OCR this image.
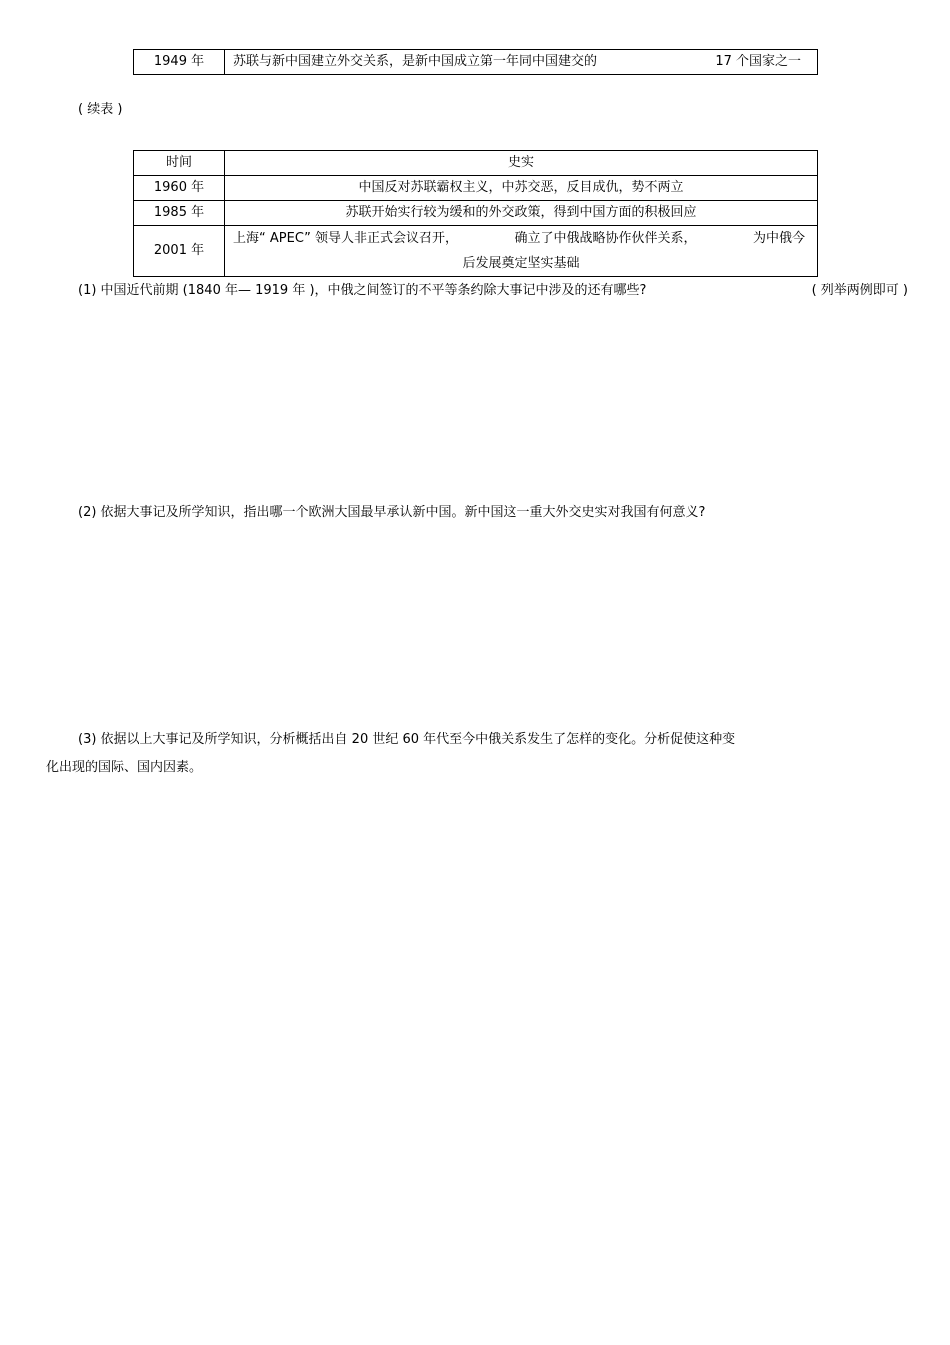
1949 年	苏联与新中国建立外交关系，是新中国成立第一年同中国建交的	17 个国家之一
( 续表 )
时间	史实
1960 年	中国反对苏联霸权主义，中苏交恶，反目成仇，势不两立
1985 年	苏联开始实行较为缓和的外交政策，得到中国方面的积极回应
2001 年	上海“ APEC” 领导人非正式会议召开， 确立了中俄战略协作伙伴关系， 为中俄今
后发展奠定坚实基础
(1) 中国近代前期 (1840 年— 1919 年 )，中俄之间签订的不平等条约除大事记中涉及的还有哪些?	( 列举两例即可 )
(2) 依据大事记及所学知识，指出哪一个欧洲大国最早承认新中国。新中国这一重大外交史实对我国有何意义?
(3) 依据以上大事记及所学知识，分析概括出自 20 世纪 60 年代至今中俄关系发生了怎样的变化。分析促使这种变
化出现的国际、国内因素。
